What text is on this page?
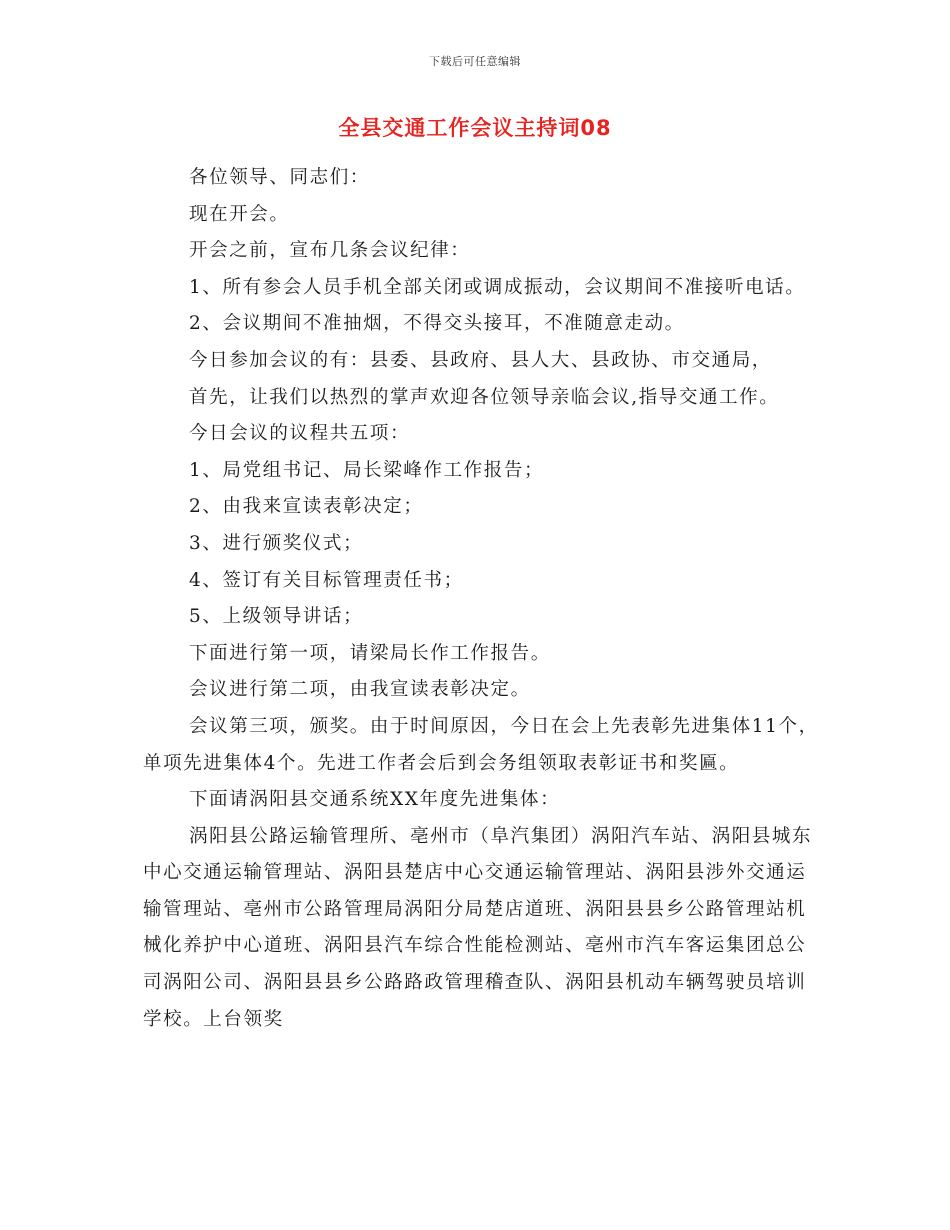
下载后可任意编辑
全县交通工作会议主持词08

各位领导、同志们：

现在开会。

开会之前，宣布几条会议纪律：

1、所有参会人员手机全部关闭或调成振动，会议期间不准接听电话。

2、会议期间不准抽烟，不得交头接耳，不准随意走动。

今日参加会议的有：县委、县政府、县人大、县政协、市交通局，

首先，让我们以热烈的掌声欢迎各位领导亲临会议,指导交通工作。

今日会议的议程共五项：

1、局党组书记、局长梁峰作工作报告；

2、由我来宣读表彰决定；

3、进行颁奖仪式；

4、签订有关目标管理责任书；

5、上级领导讲话；

下面进行第一项，请梁局长作工作报告。

会议进行第二项，由我宣读表彰决定。

会议第三项，颁奖。由于时间原因，今日在会上先表彰先进集体11个，单项先进集体4个。先进工作者会后到会务组领取表彰证书和奖匾。

下面请涡阳县交通系统XX年度先进集体：

涡阳县公路运输管理所、亳州市（阜汽集团）涡阳汽车站、涡阳县城东中心交通运输管理站、涡阳县楚店中心交通运输管理站、涡阳县涉外交通运输管理站、亳州市公路管理局涡阳分局楚店道班、涡阳县县乡公路管理站机械化养护中心道班、涡阳县汽车综合性能检测站、亳州市汽车客运集团总公司涡阳公司、涡阳县县乡公路路政管理稽查队、涡阳县机动车辆驾驶员培训学校。上台领奖
